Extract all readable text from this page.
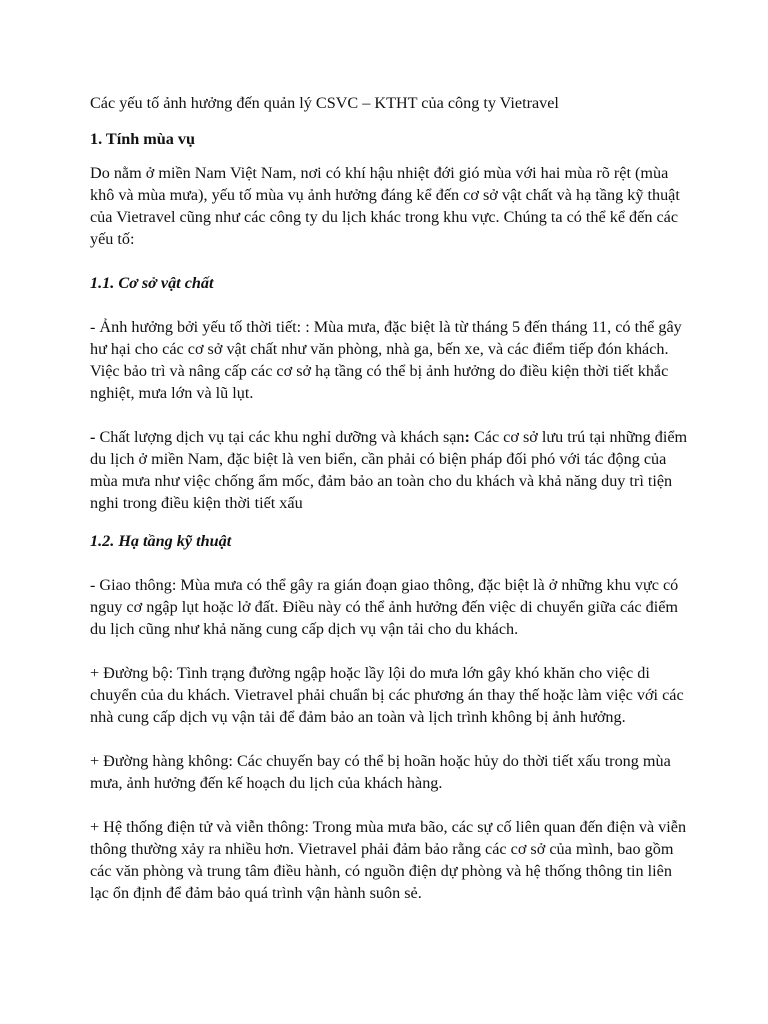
Các yếu tố ảnh hưởng đến quản lý CSVC – KTHT của công ty Vietravel

1. Tính mùa vụ

Do nằm ở miền Nam Việt Nam, nơi có khí hậu nhiệt đới gió mùa với hai mùa rõ rệt (mùa khô và mùa mưa), yếu tố mùa vụ ảnh hưởng đáng kể đến cơ sở vật chất và hạ tầng kỹ thuật của Vietravel cũng như các công ty du lịch khác trong khu vực. Chúng ta có thể kể đến các yếu tố:

1.1. Cơ sở vật chất

- Ảnh hưởng bởi yếu tố thời tiết: : Mùa mưa, đặc biệt là từ tháng 5 đến tháng 11, có thể gây hư hại cho các cơ sở vật chất như văn phòng, nhà ga, bến xe, và các điểm tiếp đón khách. Việc bảo trì và nâng cấp các cơ sở hạ tầng có thể bị ảnh hưởng do điều kiện thời tiết khắc nghiệt, mưa lớn và lũ lụt.

- Chất lượng dịch vụ tại các khu nghỉ dưỡng và khách sạn: Các cơ sở lưu trú tại những điểm du lịch ở miền Nam, đặc biệt là ven biển, cần phải có biện pháp đối phó với tác động của mùa mưa như việc chống ẩm mốc, đảm bảo an toàn cho du khách và khả năng duy trì tiện nghi trong điều kiện thời tiết xấu

1.2. Hạ tầng kỹ thuật

- Giao thông: Mùa mưa có thể gây ra gián đoạn giao thông, đặc biệt là ở những khu vực có nguy cơ ngập lụt hoặc lở đất. Điều này có thể ảnh hưởng đến việc di chuyển giữa các điểm du lịch cũng như khả năng cung cấp dịch vụ vận tải cho du khách.

+ Đường bộ: Tình trạng đường ngập hoặc lầy lội do mưa lớn gây khó khăn cho việc di chuyển của du khách. Vietravel phải chuẩn bị các phương án thay thế hoặc làm việc với các nhà cung cấp dịch vụ vận tải để đảm bảo an toàn và lịch trình không bị ảnh hưởng.

+ Đường hàng không: Các chuyến bay có thể bị hoãn hoặc hủy do thời tiết xấu trong mùa mưa, ảnh hưởng đến kế hoạch du lịch của khách hàng.

+ Hệ thống điện tử và viễn thông: Trong mùa mưa bão, các sự cố liên quan đến điện và viễn thông thường xảy ra nhiều hơn. Vietravel phải đảm bảo rằng các cơ sở của mình, bao gồm các văn phòng và trung tâm điều hành, có nguồn điện dự phòng và hệ thống thông tin liên lạc ổn định để đảm bảo quá trình vận hành suôn sẻ.
